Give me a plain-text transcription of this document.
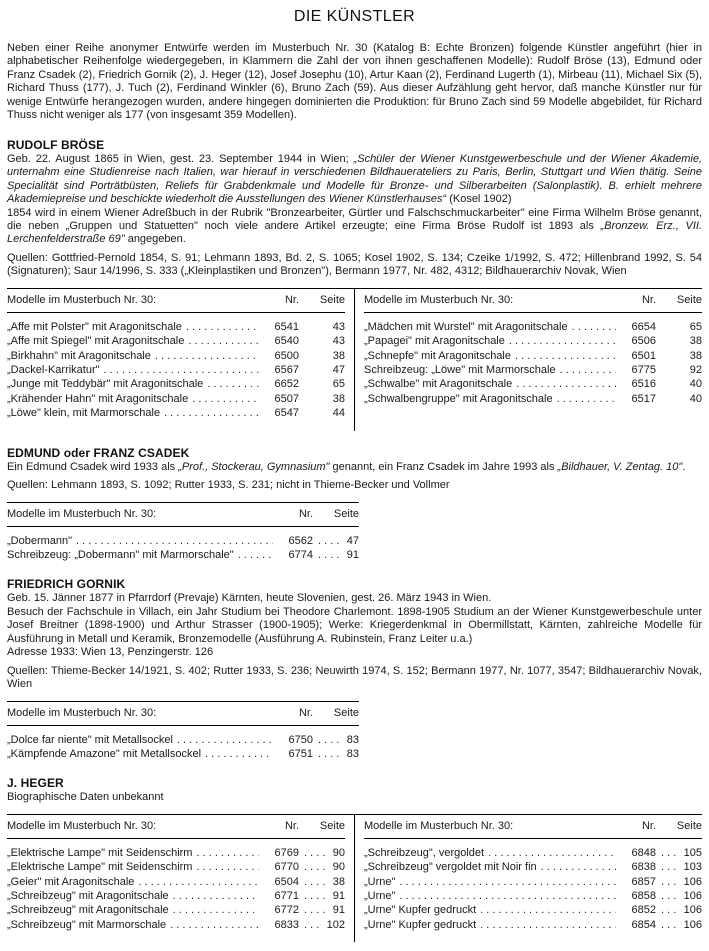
DIE KÜNSTLER

Neben einer Reihe anonymer Entwürfe werden im Musterbuch Nr. 30 (Katalog B: Echte Bronzen) folgende Künstler angeführt (hier in alphabetischer Reihenfolge wiedergegeben, in Klammern die Zahl der von ihnen geschaffenen Modelle): Rudolf Bröse (13), Edmund oder Franz Csadek (2), Friedrich Gornik (2), J. Heger (12), Josef Josephu (10), Artur Kaan (2), Ferdinand Lugerth (1), Mirbeau (11), Michael Six (5), Richard Thuss (177), J. Tuch (2), Ferdinand Winkler (6), Bruno Zach (59). Aus dieser Aufzählung geht hervor, daß manche Künstler nur für wenige Entwürfe herangezogen wurden, andere hingegen dominierten die Produktion: für Bruno Zach sind 59 Modelle abgebildet, für Richard Thuss nicht weniger als 177 (von insgesamt 359 Modellen).

RUDOLF BRÖSE

Geb. 22. August 1865 in Wien, gest. 23. September 1944 in Wien; „Schüler der Wiener Kunstgewerbeschule und der Wiener Akademie, unternahm eine Studienreise nach Italien, war hierauf in verschiedenen Bildhauerateliers zu Paris, Berlin, Stuttgart und Wien thätig. Seine Specialität sind Porträtbüsten, Reliefs für Grabdenkmale und Modelle für Bronze- und Silberarbeiten (Salonplastik). B. erhielt mehrere Akademiepreise und beschickte wiederholt die Ausstellungen des Wiener Künstlerhauses“ (Kosel 1902)

1854 wird in einem Wiener Adreßbuch in der Rubrik "Bronzearbeiter, Gürtler und Falschschmuckarbeiter" eine Firma Wilhelm Bröse genannt, die neben „Gruppen und Statuetten" noch viele andere Artikel erzeugte; eine Firma Bröse Rudolf ist 1893 als „Bronzew. Erz., VII. Lerchenfelderstraße 69" angegeben.

Quellen: Gottfried-Pernold 1854, S. 91; Lehmann 1893, Bd. 2, S. 1065; Kosel 1902, S. 134; Czeike 1/1992, S. 472; Hillenbrand 1992, S. 54 (Signaturen); Saur 14/1996, S. 333 („Kleinplastiken und Bronzen"), Bermann 1977, Nr. 482, 4312; Bildhauerarchiv Novak, Wien

Modelle im Musterbuch Nr. 30:	Nr.	Seite
„Affe mit Polster" mit Aragonitschale . . .	6541	43
„Affe mit Spiegel" mit Aragonitschale . . .	6540	43
„Birkhahn" mit Aragonitschale . . .	6500	38
„Dackel-Karrikatur" . . .	6567	47
„Junge mit Teddybär" mit Aragonitschale . . .	6652	65
„Krähender Hahn" mit Aragonitschale . . .	6507	38
„Löwe" klein, mit Marmorschale . . .	6547	44
Modelle im Musterbuch Nr. 30:	Nr.	Seite
„Mädchen mit Wurstel" mit Aragonitschale . . .	6654	65
„Papagei" mit Aragonitschale . . .	6506	38
„Schnepfe" mit Aragonitschale . . .	6501	38
Schreibzeug: „Löwe" mit Marmorschale . . .	6775	92
„Schwalbe" mit Aragonitschale . . .	6516	40
„Schwalbengruppe" mit Aragonitschale . . .	6517	40
EDMUND oder FRANZ CSADEK

Ein Edmund Csadek wird 1933 als „Prof., Stockerau, Gymnasium" genannt, ein Franz Csadek im Jahre 1993 als „Bildhauer, V. Zentag. 10".

Quellen: Lehmann 1893, S. 1092; Rutter 1933, S. 231; nicht in Thieme-Becker und Vollmer

Modelle im Musterbuch Nr. 30:	Nr.	Seite
„Dobermann" . . .	6562 . . .	47
Schreibzeug: „Dobermann" mit Marmorschale" . . .	6774 . . .	91
FRIEDRICH GORNIK

Geb. 15. Jänner 1877 in Pfarrdorf (Prevaje) Kärnten, heute Slovenien, gest. 26. März 1943 in Wien.

Besuch der Fachschule in Villach, ein Jahr Studium bei Theodore Charlemont. 1898-1905 Studium an der Wiener Kunstgewerbeschule unter Josef Breitner (1898-1900) und Arthur Strasser (1900-1905); Werke: Kriegerdenkmal in Obermillstatt, Kärnten, zahlreiche Modelle für Ausführung in Metall und Keramik, Bronzemodelle (Ausführung A. Rubinstein, Franz Leiter u.a.)

Adresse 1933: Wien 13, Penzingerstr. 126

Quellen: Thieme-Becker 14/1921, S. 402; Rutter 1933, S. 236; Neuwirth 1974, S. 152; Bermann 1977, Nr. 1077, 3547; Bildhauerarchiv Novak, Wien

Modelle im Musterbuch Nr. 30:	Nr.	Seite
„Dolce far niente" mit Metallsockel . . .	6750 . . .	83
„Kämpfende Amazone" mit Metallsockel . . .	6751 . . .	83
J. HEGER

Biographische Daten unbekannt

Modelle im Musterbuch Nr. 30:	Nr.	Seite
„Elektrische Lampe" mit Seidenschirm . . .	6769 . . .	90
„Elektrische Lampe" mit Seidenschirm . . .	6770 . . .	90
„Geier" mit Aragonitschale . . .	6504 . . .	38
„Schreibzeug" mit Aragonitschale . . .	6771 . . .	91
„Schreibzeug" mit Aragonitschale . . .	6772 . . .	91
„Schreibzeug" mit Marmorschale . . .	6833 . . .	102
Modelle im Musterbuch Nr. 30:	Nr.	Seite
„Schreibzeug", vergoldet . . .	6848 . . .	105
„Schreibzeug" vergoldet mit Noir fin . . .	6838 . . .	103
„Urne" . . .	6857 . . .	106
„Urne" . . .	6858 . . .	106
„Urne" Kupfer gedruckt . . .	6852 . . .	106
„Urne" Kupfer gedruckt . . .	6854 . . .	106
